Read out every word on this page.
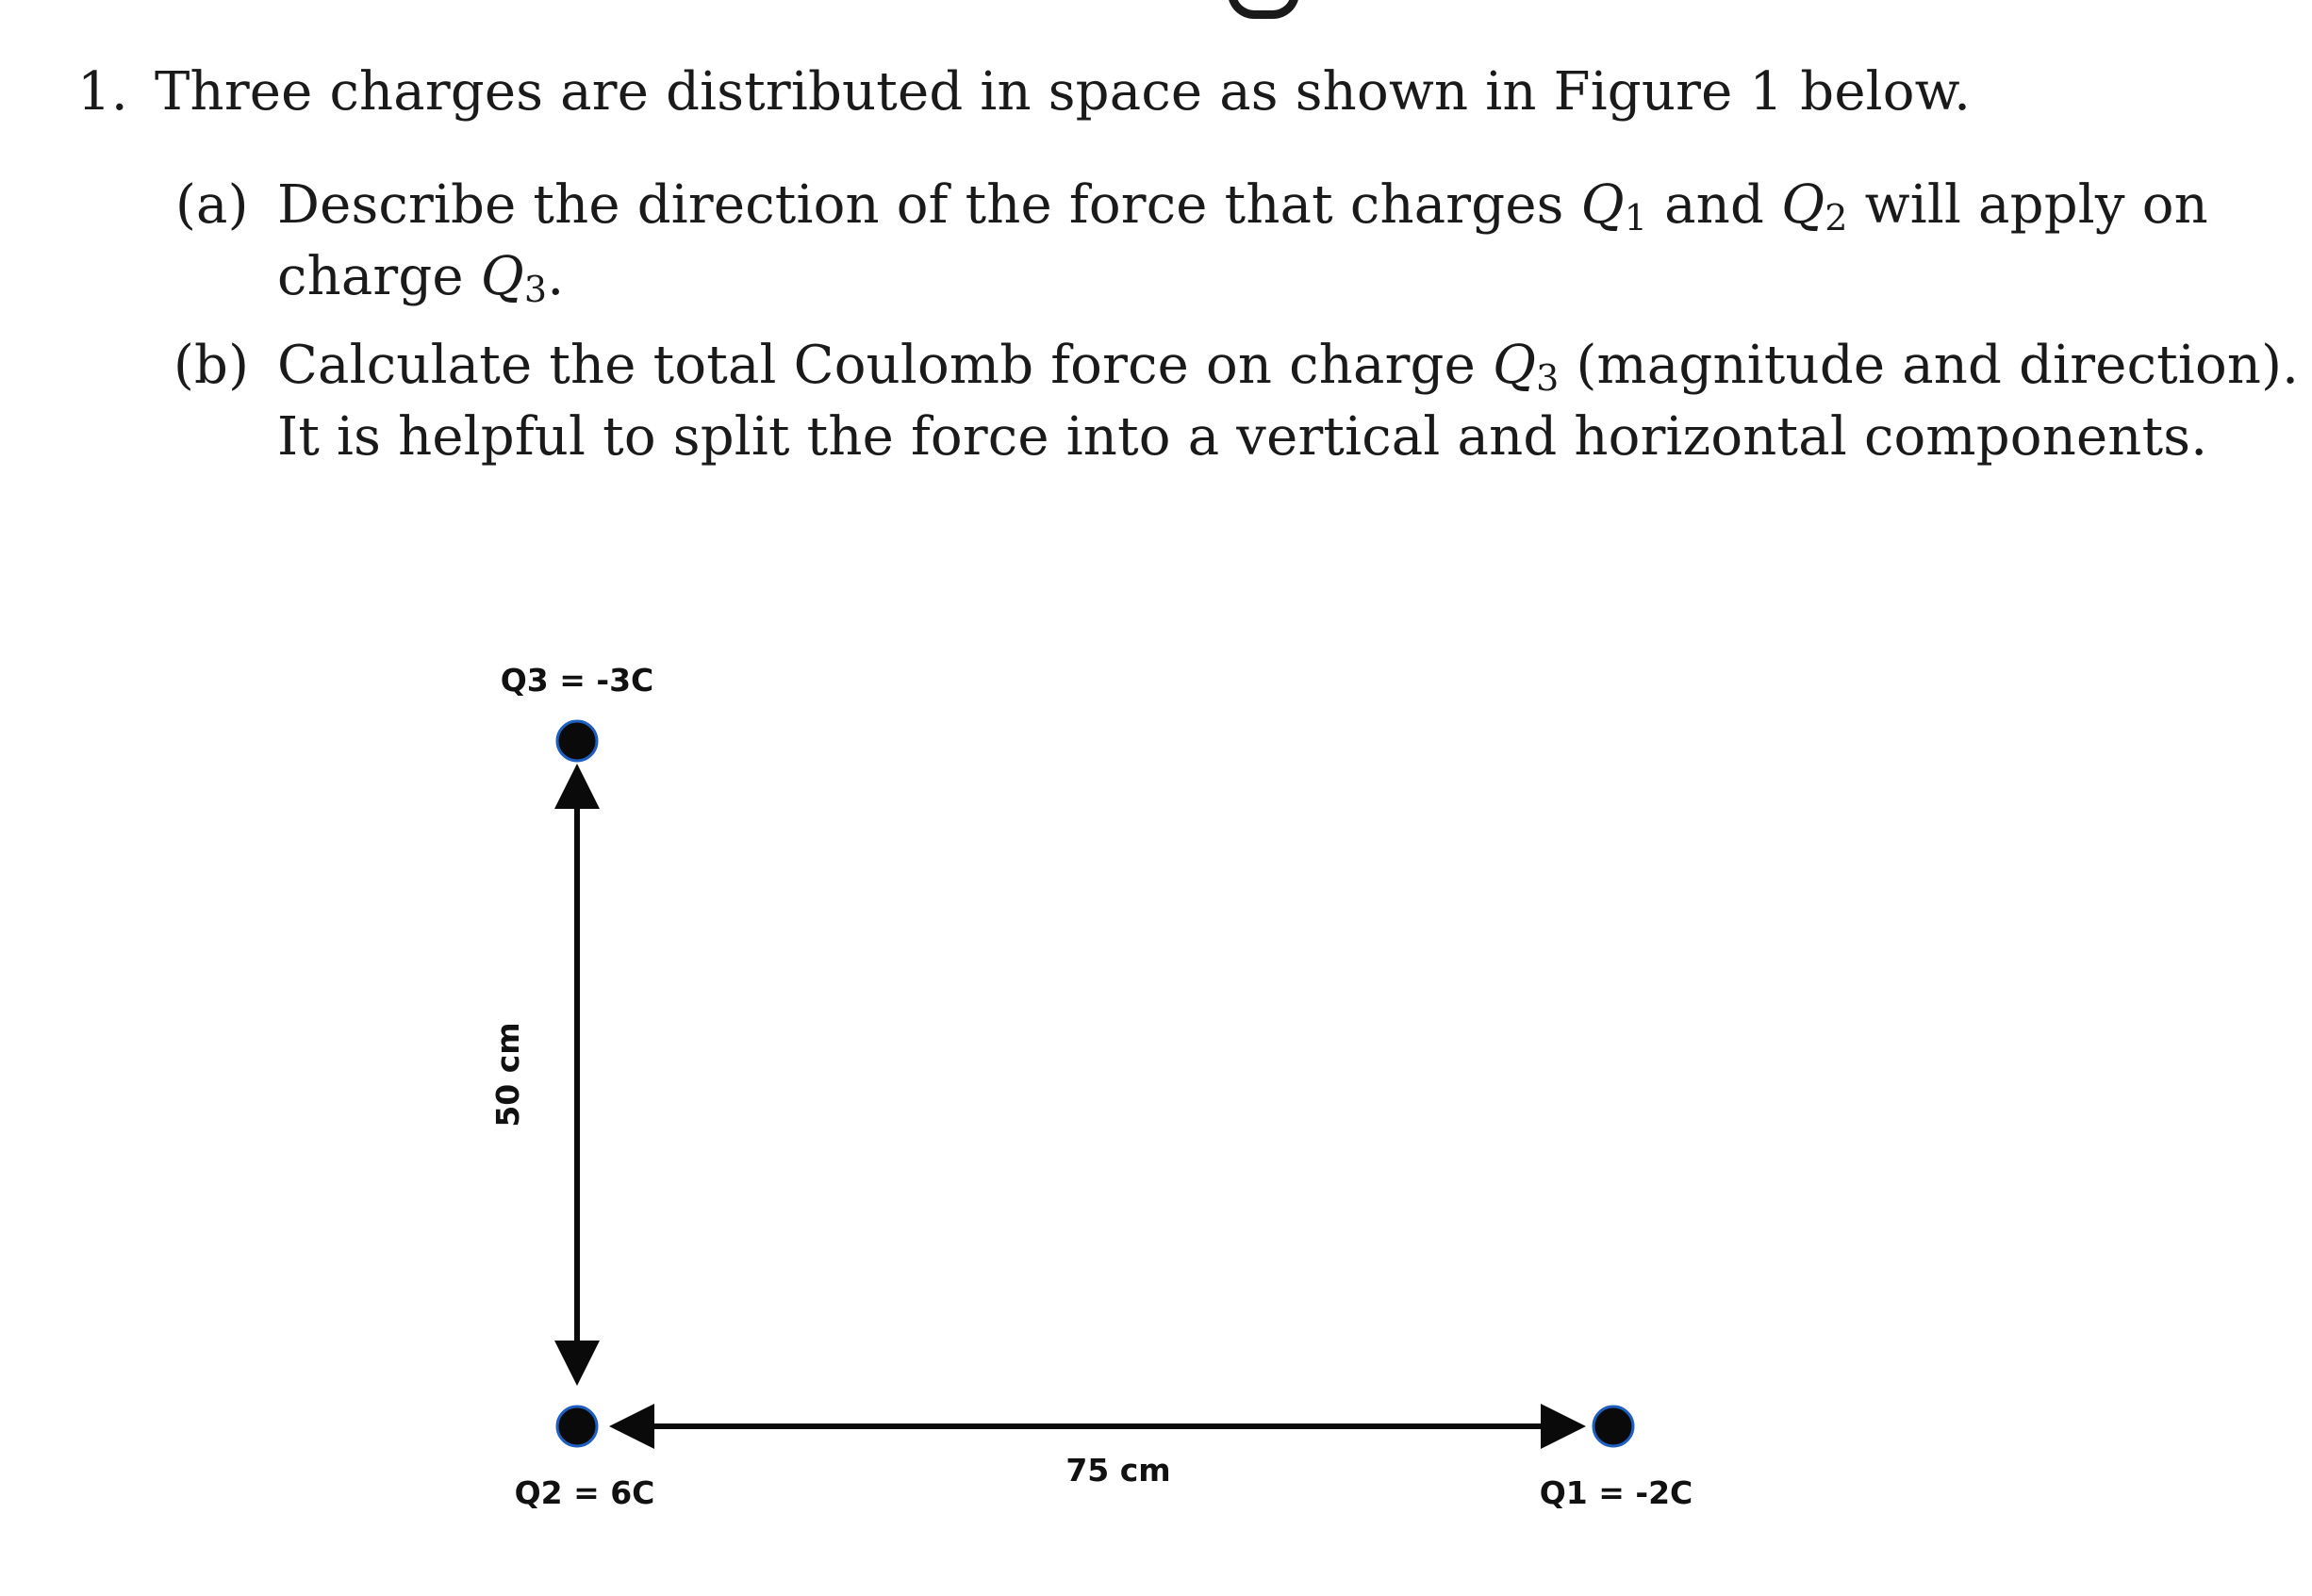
1. Three charges are distributed in space as shown in Figure 1 below.
(a) Describe the direction of the force that charges $Q_1$ and $Q_2$ will apply on
charge $Q_3$.
(b) Calculate the total Coulomb force on charge $Q_3$ (magnitude and direction).
It is helpful to split the force into a vertical and horizontal components.
Q3 = -3C
50 cm
Q2 = 6C
75 cm
Q1 = -2C
